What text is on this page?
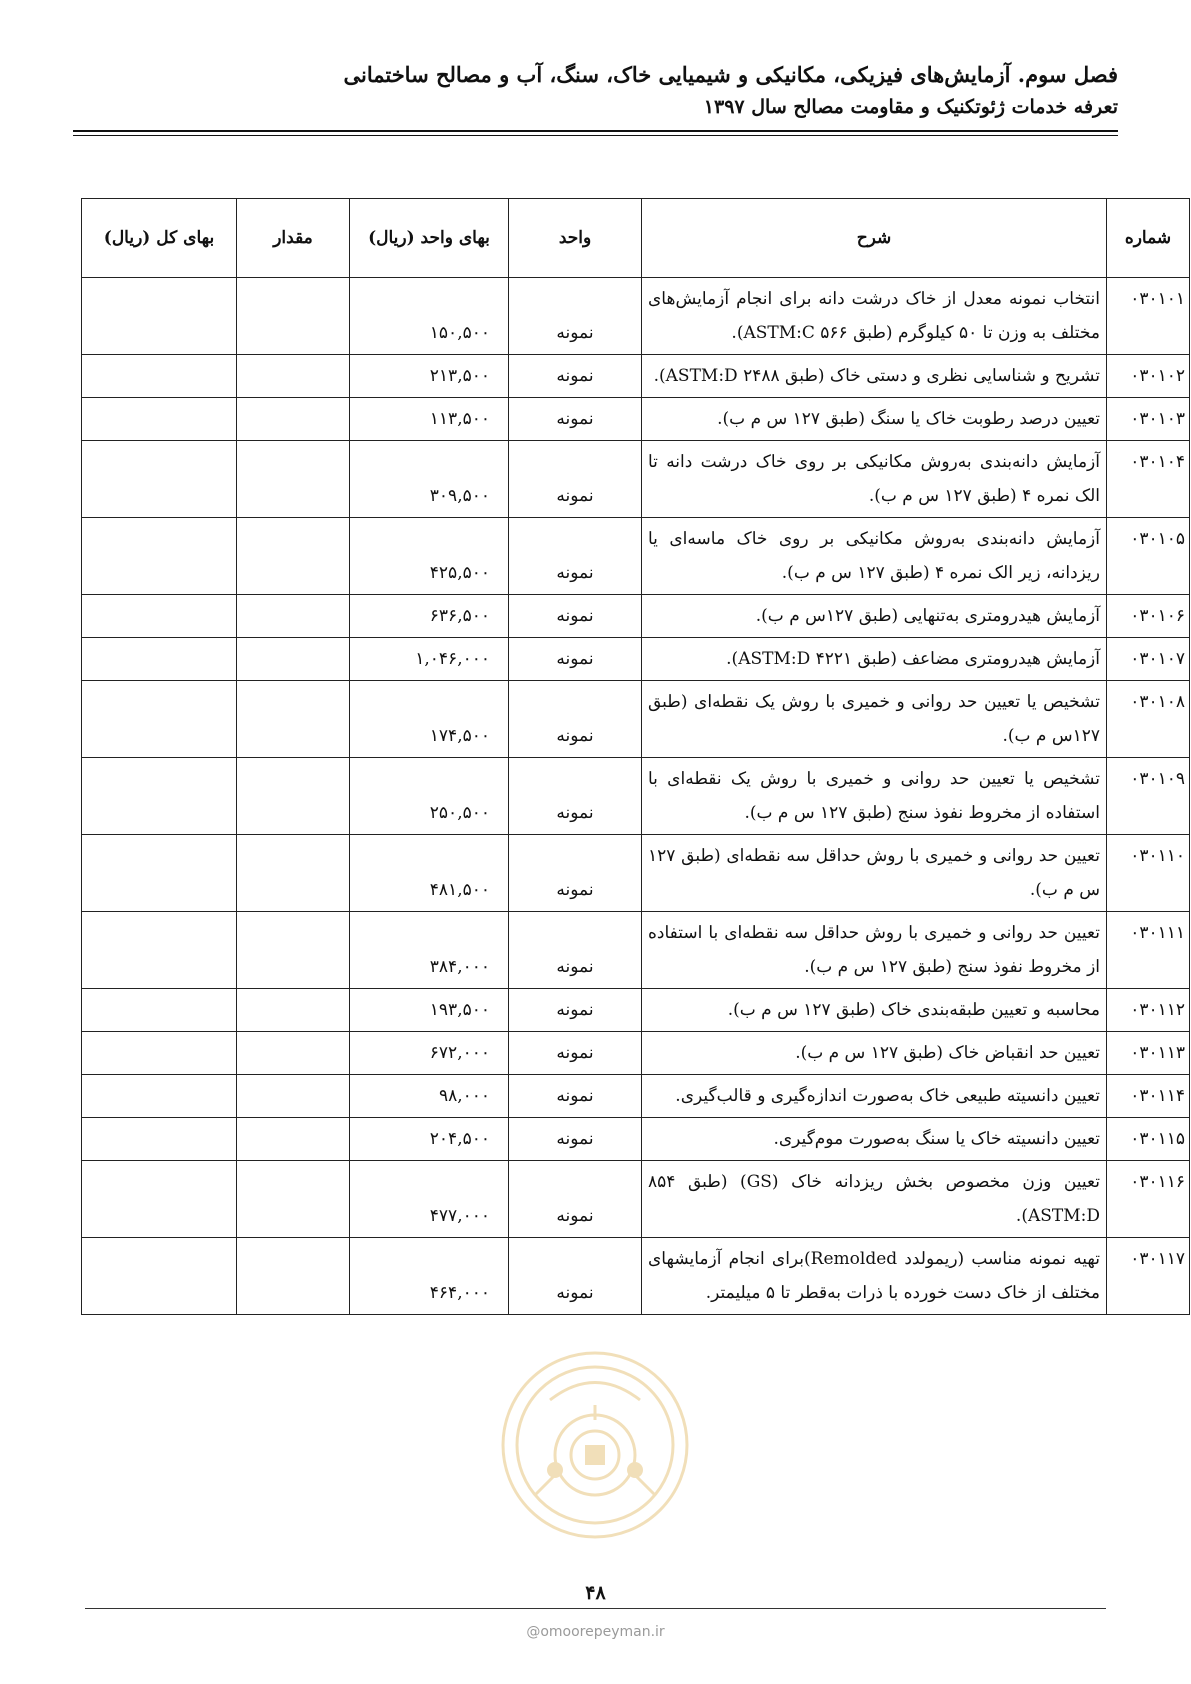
فصل سوم. آزمایش‌های فیزیکی، مکانیکی و شیمیایی خاک، سنگ، آب و مصالح ساختمانی
تعرفه خدمات ژئوتکنیک و مقاومت مصالح سال ۱۳۹۷
شماره	شرح	واحد	بهای واحد (ریال)	مقدار	بهای کل (ریال)
۰۳۰۱۰۱	انتخاب نمونه معدل از خاک درشت دانه برای انجام آزمایش‌های مختلف به وزن تا ۵۰ کیلوگرم (طبق ۵۶۶ ASTM:C).	نمونه	۱۵۰,۵۰۰		
۰۳۰۱۰۲	تشریح و شناسایی نظری و دستی خاک (طبق ۲۴۸۸ ASTM:D).	نمونه	۲۱۳,۵۰۰		
۰۳۰۱۰۳	تعیین درصد رطوبت خاک یا سنگ (طبق ۱۲۷ س م ب).	نمونه	۱۱۳,۵۰۰		
۰۳۰۱۰۴	آزمایش دانه‌بندی به‌روش مکانیکی بر روی خاک درشت دانه تا الک نمره ۴ (طبق ۱۲۷ س م ب).	نمونه	۳۰۹,۵۰۰		
۰۳۰۱۰۵	آزمایش دانه‌بندی به‌روش مکانیکی بر روی خاک ماسه‌ای یا ریزدانه، زیر الک نمره ۴ (طبق ۱۲۷ س م ب).	نمونه	۴۲۵,۵۰۰		
۰۳۰۱۰۶	آزمایش هیدرومتری به‌تنهایی (طبق ۱۲۷س م ب).	نمونه	۶۳۶,۵۰۰		
۰۳۰۱۰۷	آزمایش هیدرومتری مضاعف (طبق ۴۲۲۱ ASTM:D).	نمونه	۱,۰۴۶,۰۰۰		
۰۳۰۱۰۸	تشخیص یا تعیین حد روانی و خمیری با روش یک نقطه‌ای (طبق ۱۲۷س م ب).	نمونه	۱۷۴,۵۰۰		
۰۳۰۱۰۹	تشخیص یا تعیین حد روانی و خمیری با روش یک نقطه‌ای با استفاده از مخروط نفوذ سنج (طبق ۱۲۷ س م ب).	نمونه	۲۵۰,۵۰۰		
۰۳۰۱۱۰	تعیین حد روانی و خمیری با روش حداقل سه نقطه‌ای (طبق ۱۲۷ س م ب).	نمونه	۴۸۱,۵۰۰		
۰۳۰۱۱۱	تعیین حد روانی و خمیری با روش حداقل سه نقطه‌ای با استفاده از مخروط نفوذ سنج (طبق ۱۲۷ س م ب).	نمونه	۳۸۴,۰۰۰		
۰۳۰۱۱۲	محاسبه و تعیین طبقه‌بندی خاک (طبق ۱۲۷ س م ب).	نمونه	۱۹۳,۵۰۰		
۰۳۰۱۱۳	تعیین حد انقباض خاک (طبق ۱۲۷ س م ب).	نمونه	۶۷۲,۰۰۰		
۰۳۰۱۱۴	تعیین دانسیته طبیعی خاک به‌صورت اندازه‌گیری و قالب‌گیری.	نمونه	۹۸,۰۰۰		
۰۳۰۱۱۵	تعیین دانسیته خاک یا سنگ به‌صورت موم‌گیری.	نمونه	۲۰۴,۵۰۰		
۰۳۰۱۱۶	تعیین وزن مخصوص بخش ریزدانه خاک (GS) (طبق ۸۵۴ ASTM:D).	نمونه	۴۷۷,۰۰۰		
۰۳۰۱۱۷	تهیه نمونه مناسب (ریمولدد Remolded)برای انجام آزمایشهای مختلف از خاک دست خورده با ذرات به‌قطر تا ۵ میلیمتر.	نمونه	۴۶۴,۰۰۰		
۴۸
@omoorepeyman.ir
